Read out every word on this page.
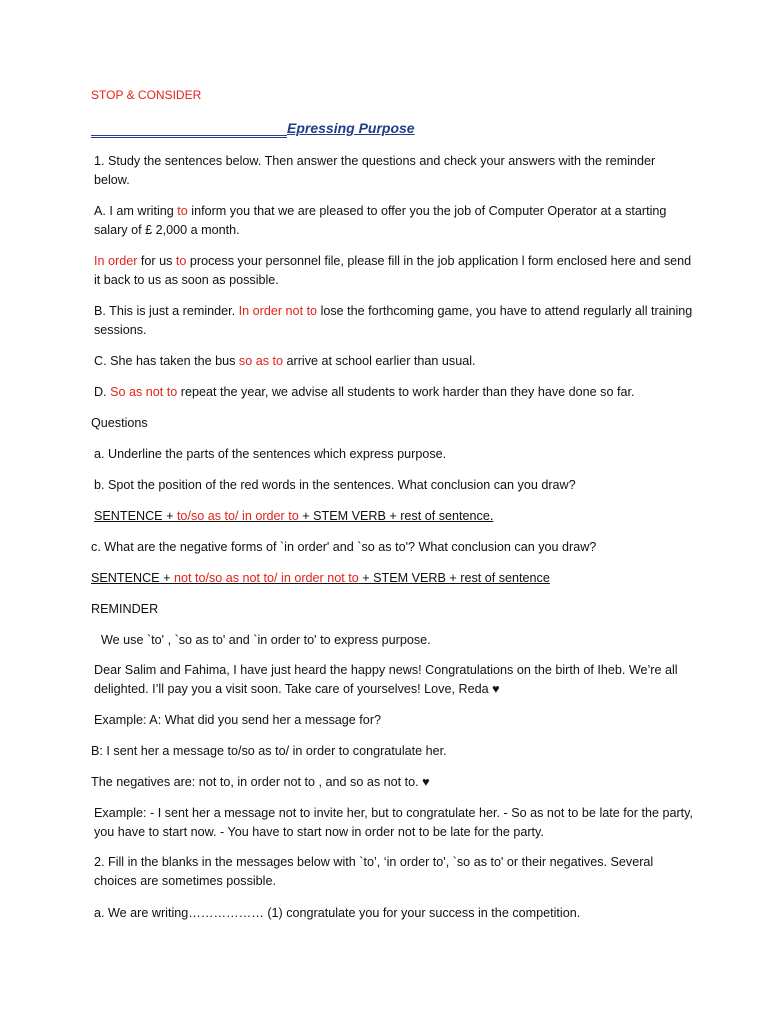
STOP & CONSIDER
Epressing Purpose

1. Study the sentences below. Then answer the questions and check your answers with the reminder below.

A. I am writing to inform you that we are pleased to offer you the job of Computer Operator at a starting salary of £ 2,000 a month.

In order for us to process your personnel file, please fill in the job application l form enclosed here and send it back to us as soon as possible.

B. This is just a reminder. In order not to lose the forthcoming game, you have to attend regularly all training sessions.

C. She has taken the bus so as to arrive at school earlier than usual.

D. So as not to repeat the year, we advise all students to work harder than they have done so far.

Questions

a. Underline the parts of the sentences which express purpose.

b. Spot the position of the red words in the sentences. What conclusion can you draw?

SENTENCE + to/so as to/ in order to + STEM VERB + rest of sentence.

c. What are the negative forms of `in order' and `so as to'? What conclusion can you draw?

SENTENCE + not to/so as not to/ in order not to + STEM VERB + rest of sentence

REMINDER

We use `to' , `so as to' and `in order to' to express purpose.

Dear Salim and Fahima, I have just heard the happy news! Congratulations on the birth of Iheb. We’re all delighted. I’ll pay you a visit soon. Take care of yourselves! Love, Reda ♥

Example: A: What did you send her a message for?

B: I sent her a message to/so as to/ in order to congratulate her.

The negatives are: not to, in order not to , and so as not to. ♥

Example: - I sent her a message not to invite her, but to congratulate her. - So as not to be late for the party, you have to start now. - You have to start now in order not to be late for the party.

2. Fill in the blanks in the messages below with `to’, ‘in order to', `so as to' or their negatives. Several choices are sometimes possible.

a. We are writing……………… (1) congratulate you for your success in the competition.
